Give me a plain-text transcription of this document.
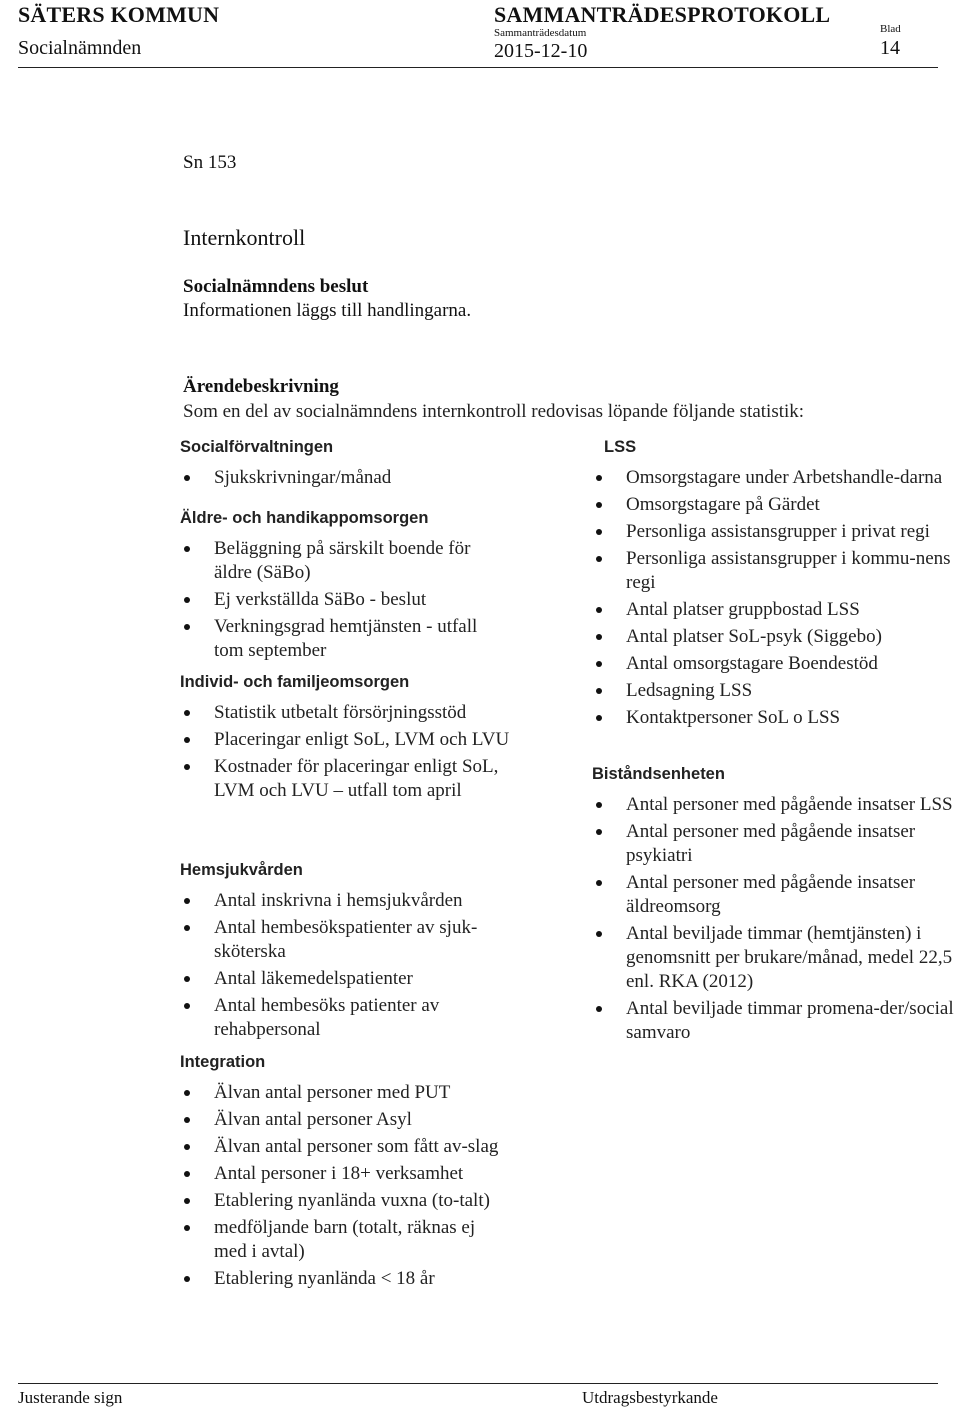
SÄTERS KOMMUN	SAMMANTRÄDESPROTOKOLL
Socialnämnden
Sammanträdesdatum
2015-12-10
Blad
14
Sn 153
Internkontroll
Socialnämndens beslut
Informationen läggs till handlingarna.
Ärendebeskrivning
Som en del av socialnämndens internkontroll redovisas löpande följande statistik:
Socialförvaltningen
Sjukskrivningar/månad
Äldre- och handikappomsorgen
Beläggning på särskilt boende för äldre (SäBo)
Ej verkställda SäBo - beslut
Verkningsgrad hemtjänsten - utfall tom september
Individ- och familjeomsorgen
Statistik utbetalt försörjningsstöd
Placeringar enligt SoL, LVM och LVU
Kostnader för placeringar enligt SoL, LVM och LVU – utfall tom april
Hemsjukvården
Antal inskrivna i hemsjukvården
Antal hembesökspatienter av sjuk-sköterska
Antal läkemedelspatienter
Antal hembesöks patienter av rehabpersonal
Integration
Älvan antal personer med PUT
Älvan antal personer Asyl
Älvan antal personer som fått av-slag
Antal personer i 18+ verksamhet
Etablering nyanlända vuxna (to-talt)
medföljande barn (totalt, räknas ej med i avtal)
Etablering nyanlända < 18 år
LSS
Omsorgstagare under Arbetshandle-darna
Omsorgstagare på Gärdet
Personliga assistansgrupper i privat regi
Personliga assistansgrupper i kommu-nens regi
Antal platser gruppbostad LSS
Antal platser SoL-psyk (Siggebo)
Antal omsorgstagare Boendestöd
Ledsagning LSS
Kontaktpersoner SoL o LSS
Biståndsenheten
Antal personer med pågående insatser LSS
Antal personer med pågående insatser psykiatri
Antal personer med pågående insatser äldreomsorg
Antal beviljade timmar (hemtjänsten) i genomsnitt per brukare/månad, medel 22,5 enl. RKA (2012)
Antal beviljade timmar promena-der/social samvaro
Justerande sign	Utdragsbestyrkande
